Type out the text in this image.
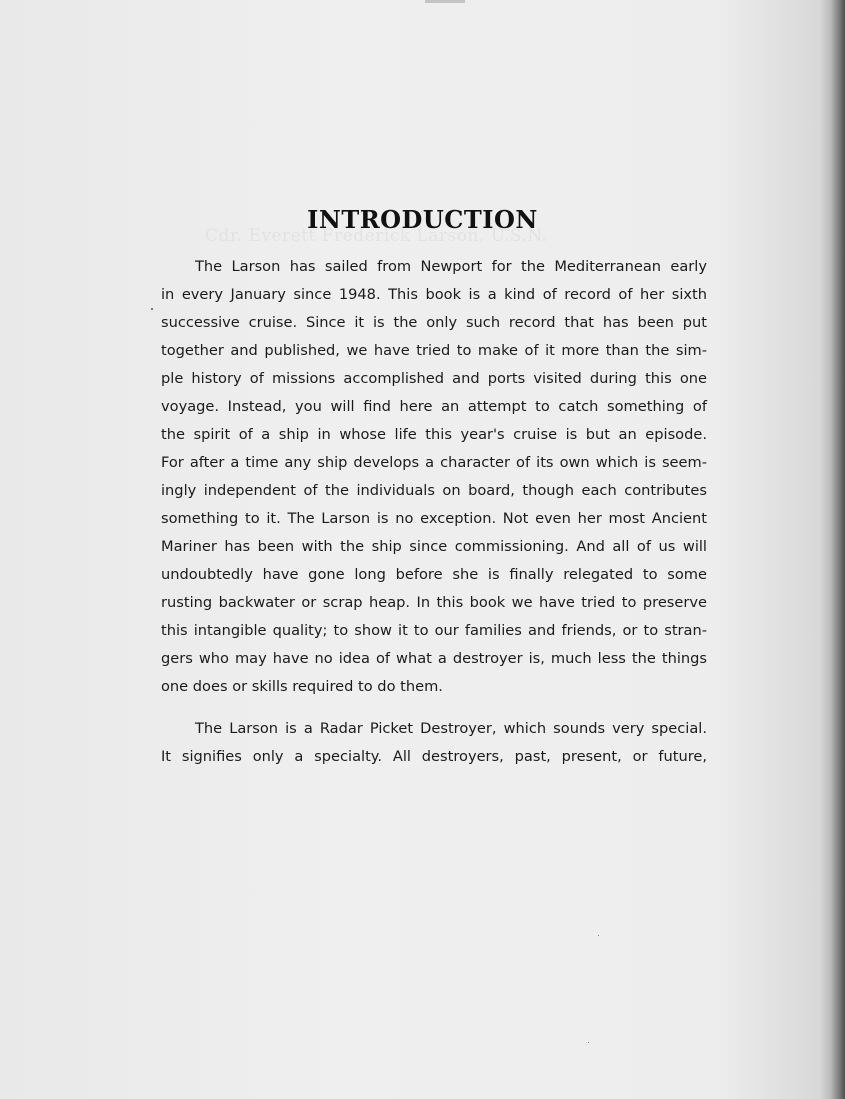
Cdr. Everett Frederick Larson, U.S.N.
INTRODUCTION
The Larson has sailed from Newport for the Mediterranean early
in every January since 1948. This book is a kind of record of her sixth
successive cruise. Since it is the only such record that has been put
together and published, we have tried to make of it more than the sim-
ple history of missions accomplished and ports visited during this one
voyage. Instead, you will find here an attempt to catch something of
the spirit of a ship in whose life this year's cruise is but an episode.
For after a time any ship develops a character of its own which is seem-
ingly independent of the individuals on board, though each contributes
something to it. The Larson is no exception. Not even her most Ancient
Mariner has been with the ship since commissioning. And all of us will
undoubtedly have gone long before she is finally relegated to some
rusting backwater or scrap heap. In this book we have tried to preserve
this intangible quality; to show it to our families and friends, or to stran-
gers who may have no idea of what a destroyer is, much less the things
one does or skills required to do them.
The Larson is a Radar Picket Destroyer, which sounds very special.
It signifies only a specialty. All destroyers, past, present, or future,
